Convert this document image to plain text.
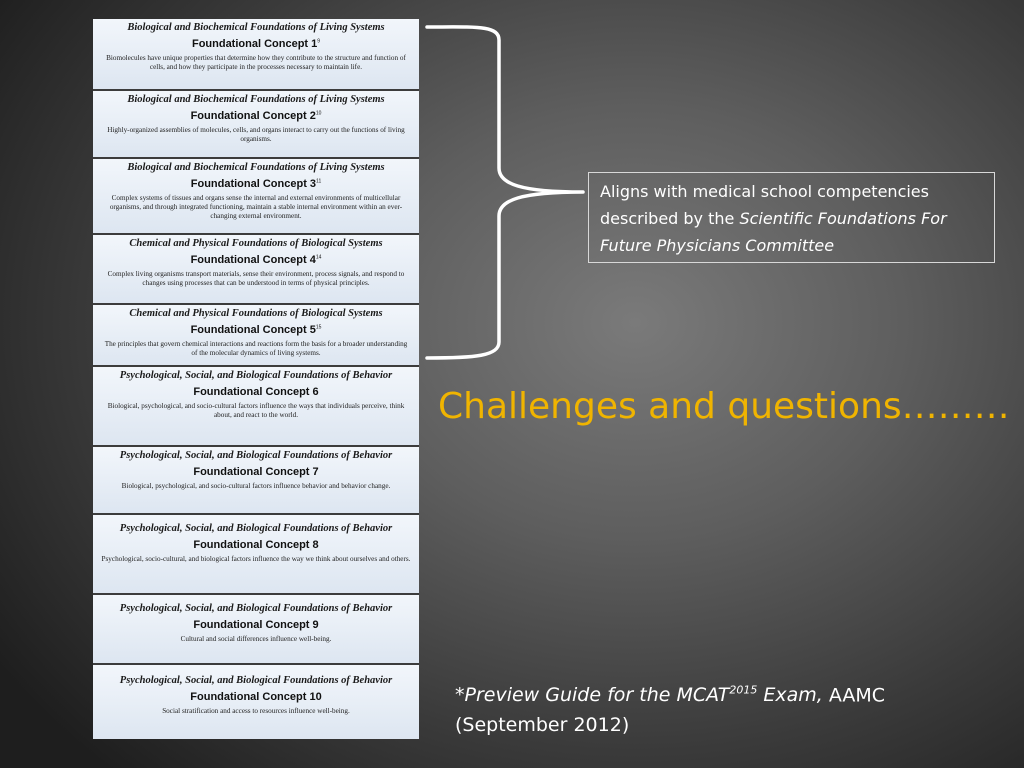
Biological and Biochemical Foundations of Living Systems
Foundational Concept $1^9$
Biomolecules have unique properties that determine how they contribute to the structure and function of cells, and how they participate in the processes necessary to maintain life.
Biological and Biochemical Foundations of Living Systems
Foundational Concept $2^{10}$
Highly-organized assemblies of molecules, cells, and organs interact to carry out the functions of living organisms.
Biological and Biochemical Foundations of Living Systems
Foundational Concept $3^{11}$
Complex systems of tissues and organs sense the internal and external environments of multicellular organisms, and through integrated functioning, maintain a stable internal environment within an ever-changing external environment.
Chemical and Physical Foundations of Biological Systems
Foundational Concept $4^{14}$
Complex living organisms transport materials, sense their environment, process signals, and respond to changes using processes that can be understood in terms of physical principles.
Chemical and Physical Foundations of Biological Systems
Foundational Concept $5^{15}$
The principles that govern chemical interactions and reactions form the basis for a broader understanding of the molecular dynamics of living systems.
Psychological, Social, and Biological Foundations of Behavior
Foundational Concept 6
Biological, psychological, and socio-cultural factors influence the ways that individuals perceive, think about, and react to the world.
Psychological, Social, and Biological Foundations of Behavior
Foundational Concept 7
Biological, psychological, and socio-cultural factors influence behavior and behavior change.
Psychological, Social, and Biological Foundations of Behavior
Foundational Concept 8
Psychological, socio-cultural, and biological factors influence the way we think about ourselves and others.
Psychological, Social, and Biological Foundations of Behavior
Foundational Concept 9
Cultural and social differences influence well-being.
Psychological, Social, and Biological Foundations of Behavior
Foundational Concept 10
Social stratification and access to resources influence well-being.
Aligns with medical school competencies described by the Scientific Foundations For Future Physicians Committee
Challenges and questions………
*Preview Guide for the $MCAT^{2015}$ Exam, AAMC
(September 2012)
